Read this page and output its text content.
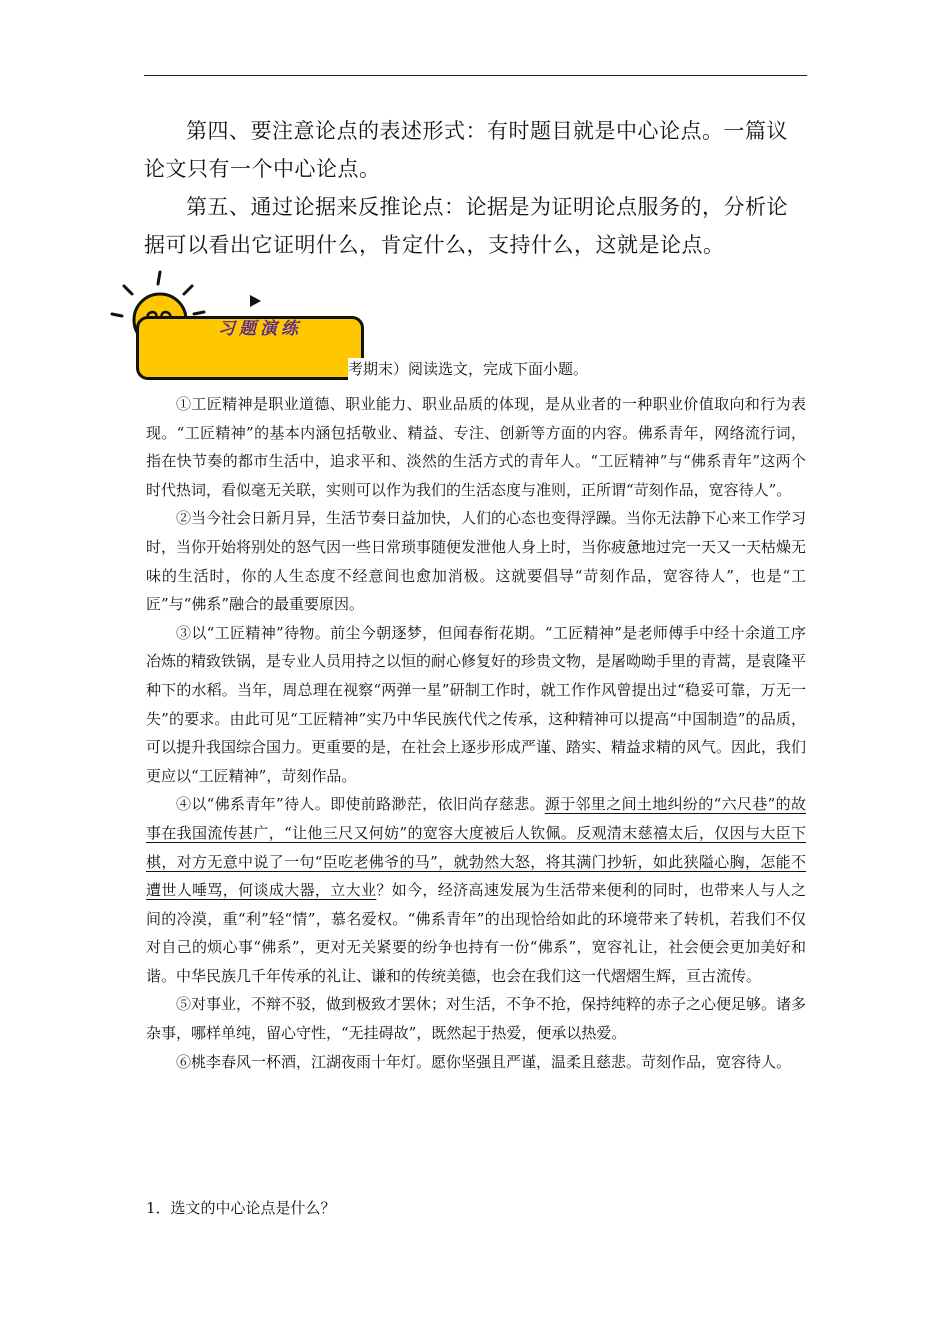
第四、要注意论点的表述形式：有时题目就是中心论点。一篇议论文只有一个中心论点。

第五、通过论据来反推论点：论据是为证明论点服务的，分析论据可以看出它证明什么，肯定什么，支持什么，这就是论点。

习题演练
考期末）阅读选文，完成下面小题。

①工匠精神是职业道德、职业能力、职业品质的体现，是从业者的一种职业价值取向和行为表现。“工匠精神”的基本内涵包括敬业、精益、专注、创新等方面的内容。佛系青年，网络流行词，指在快节奏的都市生活中，追求平和、淡然的生活方式的青年人。“工匠精神”与“佛系青年”这两个时代热词，看似毫无关联，实则可以作为我们的生活态度与准则，正所谓“苛刻作品，宽容待人”。

②当今社会日新月异，生活节奏日益加快，人们的心态也变得浮躁。当你无法静下心来工作学习时，当你开始将别处的怒气因一些日常琐事随便发泄他人身上时，当你疲惫地过完一天又一天枯燥无味的生活时，你的人生态度不经意间也愈加消极。这就要倡导“苛刻作品，宽容待人”，也是“工匠”与“佛系”融合的最重要原因。

③以“工匠精神”待物。前尘今朝逐梦，但闻春衔花期。“工匠精神”是老师傅手中经十余道工序冶炼的精致铁锅，是专业人员用持之以恒的耐心修复好的珍贵文物，是屠呦呦手里的青蒿，是袁隆平种下的水稻。当年，周总理在视察“两弹一星”研制工作时，就工作作风曾提出过“稳妥可靠，万无一失”的要求。由此可见“工匠精神”实乃中华民族代代之传承，这种精神可以提高“中国制造”的品质，可以提升我国综合国力。更重要的是，在社会上逐步形成严谨、踏实、精益求精的风气。因此，我们更应以“工匠精神”，苛刻作品。

④以“佛系青年”待人。即使前路渺茫，依旧尚存慈悲。源于邻里之间土地纠纷的“六尺巷”的故事在我国流传甚广，“让他三尺又何妨”的宽容大度被后人钦佩。反观清末慈禧太后，仅因与大臣下棋，对方无意中说了一句“臣吃老佛爷的马”，就勃然大怒，将其满门抄斩，如此狭隘心胸，怎能不遭世人唾骂，何谈成大器，立大业？如今，经济高速发展为生活带来便利的同时，也带来人与人之间的冷漠，重“利”轻“情”，慕名爱权。“佛系青年”的出现恰给如此的环境带来了转机，若我们不仅对自己的烦心事“佛系”，更对无关紧要的纷争也持有一份“佛系”，宽容礼让，社会便会更加美好和谐。中华民族几千年传承的礼让、谦和的传统美德，也会在我们这一代熠熠生辉，亘古流传。

⑤对事业，不辩不驳，做到极致才罢休；对生活，不争不抢，保持纯粹的赤子之心便足够。诸多杂事，哪样单纯，留心守性，“无挂碍故”，既然起于热爱，便承以热爱。

⑥桃李春风一杯酒，江湖夜雨十年灯。愿你坚强且严谨，温柔且慈悲。苛刻作品，宽容待人。

1．选文的中心论点是什么？
